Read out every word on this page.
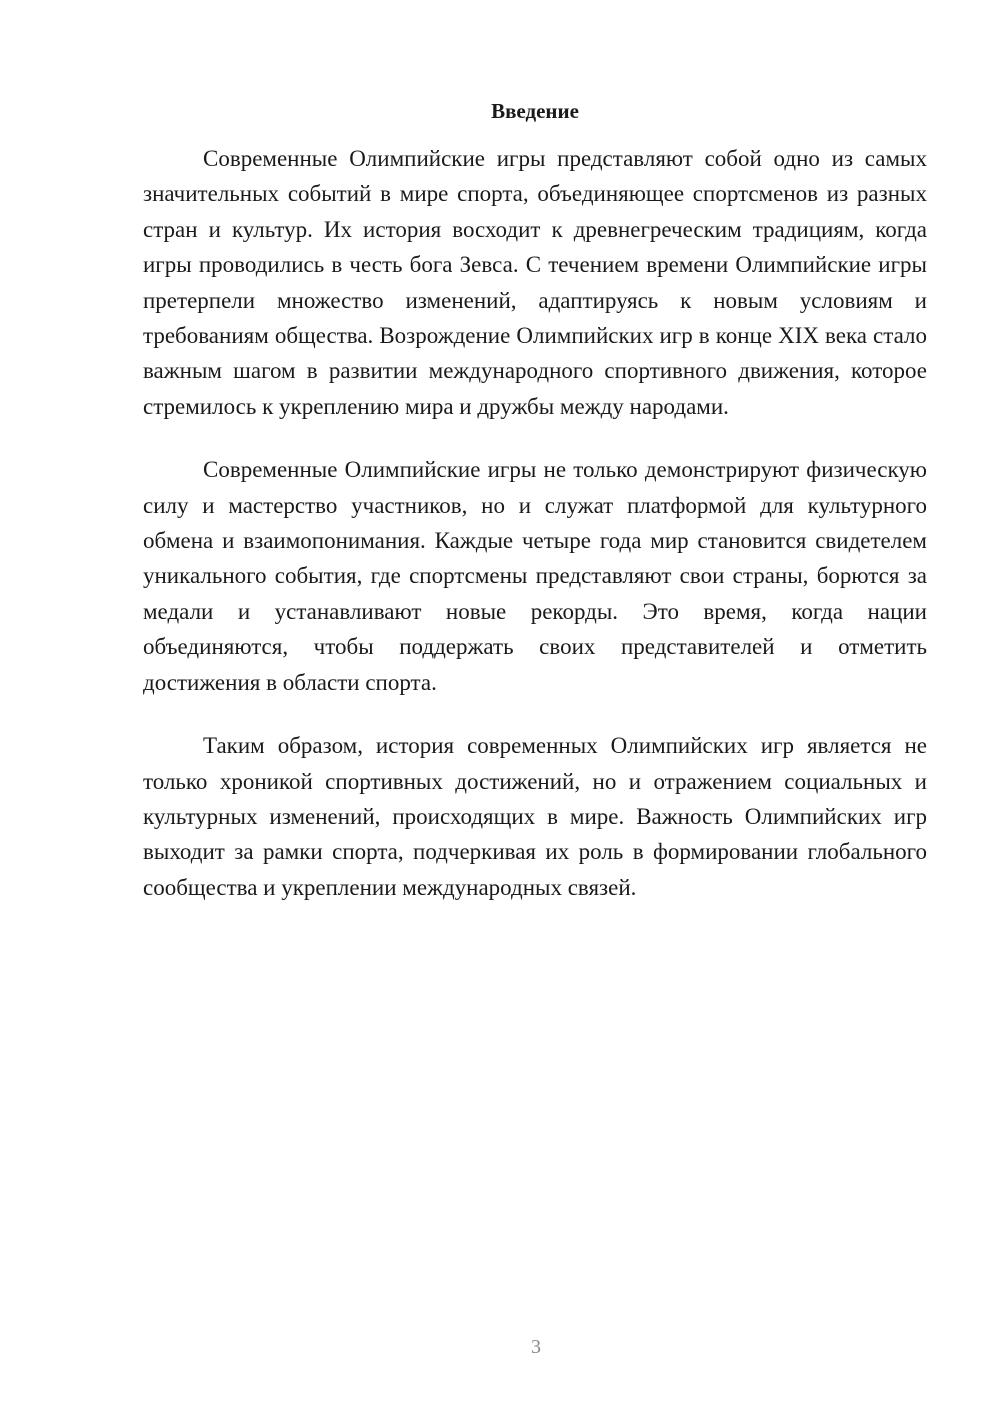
Введение

Современные Олимпийские игры представляют собой одно из самых значительных событий в мире спорта, объединяющее спортсменов из разных стран и культур. Их история восходит к древнегреческим традициям, когда игры проводились в честь бога Зевса. С течением времени Олимпийские игры претерпели множество изменений, адаптируясь к новым условиям и требованиям общества. Возрождение Олимпийских игр в конце XIX века стало важным шагом в развитии международного спортивного движения, которое стремилось к укреплению мира и дружбы между народами.

Современные Олимпийские игры не только демонстрируют физическую силу и мастерство участников, но и служат платформой для культурного обмена и взаимопонимания. Каждые четыре года мир становится свидетелем уникального события, где спортсмены представляют свои страны, борются за медали и устанавливают новые рекорды. Это время, когда нации объединяются, чтобы поддержать своих представителей и отметить достижения в области спорта.

Таким образом, история современных Олимпийских игр является не только хроникой спортивных достижений, но и отражением социальных и культурных изменений, происходящих в мире. Важность Олимпийских игр выходит за рамки спорта, подчеркивая их роль в формировании глобального сообщества и укреплении международных связей.

3
